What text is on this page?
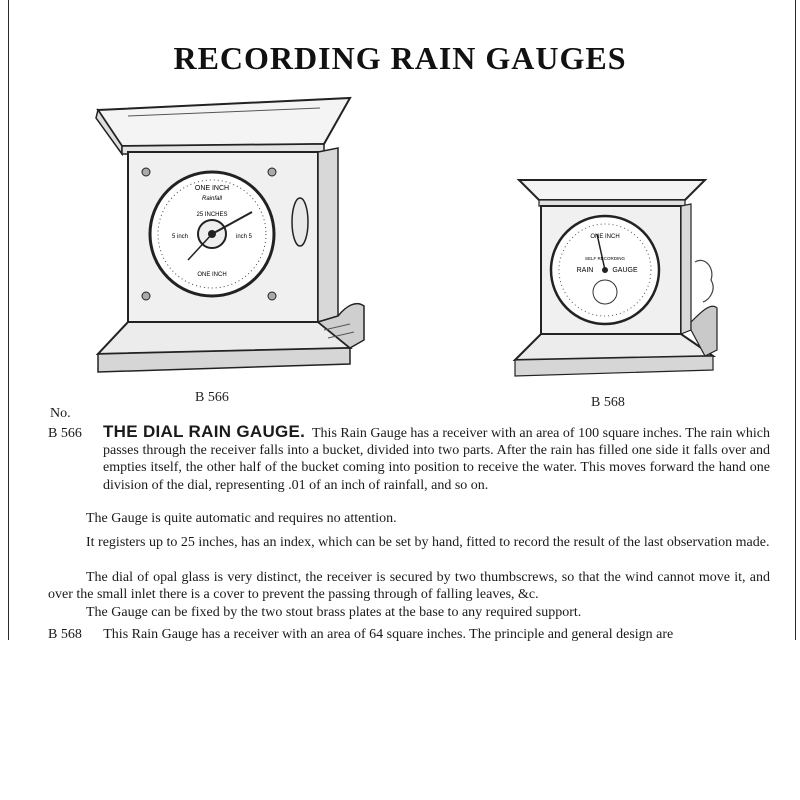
RECORDING RAIN GAUGES
ONE INCH
Rainfall
25 INCHES
5 inch	inch 5
ONE INCH
ONE INCH
SELF RECORDING
RAIN	GAUGE
B 566	B 568
No.
B 566	THE DIAL RAIN GAUGE. This Rain Gauge has a receiver with an area of 100 square inches. The rain which passes through the receiver falls into a bucket, divided into two parts. After the rain has filled one side it falls over and empties itself, the other half of the bucket coming into position to receive the water. This moves forward the hand one division of the dial, representing .01 of an inch of rainfall, and so on.
The Gauge is quite automatic and requires no attention.
It registers up to 25 inches, has an index, which can be set by hand, fitted to record the result of the last observation made.
The dial of opal glass is very distinct, the receiver is secured by two thumbscrews, so that the wind cannot move it, and over the small inlet there is a cover to prevent the passing through of falling leaves, &c.
The Gauge can be fixed by the two stout brass plates at the base to any required support.
B 568 This Rain Gauge has a receiver with an area of 64 square inches. The principle and general design are
